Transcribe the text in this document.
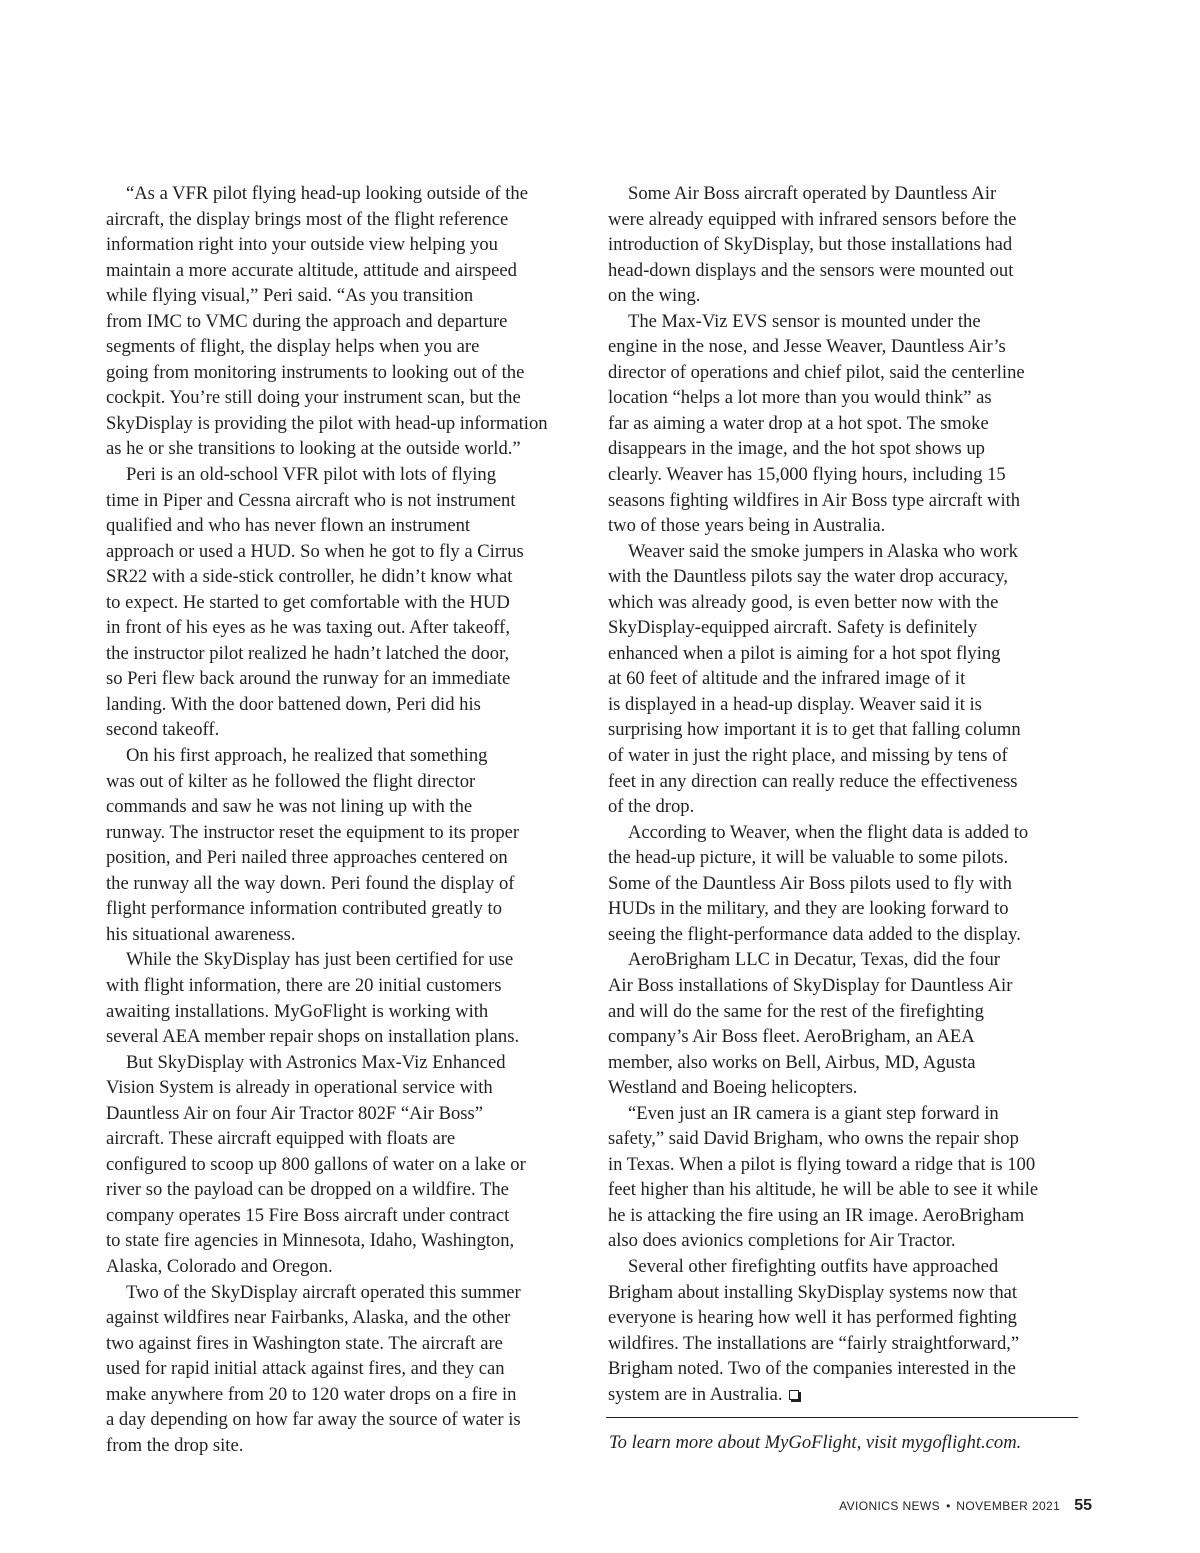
“As a VFR pilot flying head-up looking outside of the
aircraft, the display brings most of the flight reference
information right into your outside view helping you
maintain a more accurate altitude, attitude and airspeed
while flying visual,” Peri said. “As you transition
from IMC to VMC during the approach and departure
segments of flight, the display helps when you are
going from monitoring instruments to looking out of the
cockpit. You’re still doing your instrument scan, but the
SkyDisplay is providing the pilot with head-up information
as he or she transitions to looking at the outside world.”

Peri is an old-school VFR pilot with lots of flying
time in Piper and Cessna aircraft who is not instrument
qualified and who has never flown an instrument
approach or used a HUD. So when he got to fly a Cirrus
SR22 with a side-stick controller, he didn’t know what
to expect. He started to get comfortable with the HUD
in front of his eyes as he was taxing out. After takeoff,
the instructor pilot realized he hadn’t latched the door,
so Peri flew back around the runway for an immediate
landing. With the door battened down, Peri did his
second takeoff.

On his first approach, he realized that something
was out of kilter as he followed the flight director
commands and saw he was not lining up with the
runway. The instructor reset the equipment to its proper
position, and Peri nailed three approaches centered on
the runway all the way down. Peri found the display of
flight performance information contributed greatly to
his situational awareness.

While the SkyDisplay has just been certified for use
with flight information, there are 20 initial customers
awaiting installations. MyGoFlight is working with
several AEA member repair shops on installation plans.

But SkyDisplay with Astronics Max-Viz Enhanced
Vision System is already in operational service with
Dauntless Air on four Air Tractor 802F “Air Boss”
aircraft. These aircraft equipped with floats are
configured to scoop up 800 gallons of water on a lake or
river so the payload can be dropped on a wildfire. The
company operates 15 Fire Boss aircraft under contract
to state fire agencies in Minnesota, Idaho, Washington,
Alaska, Colorado and Oregon.

Two of the SkyDisplay aircraft operated this summer
against wildfires near Fairbanks, Alaska, and the other
two against fires in Washington state. The aircraft are
used for rapid initial attack against fires, and they can
make anywhere from 20 to 120 water drops on a fire in
a day depending on how far away the source of water is
from the drop site.

Some Air Boss aircraft operated by Dauntless Air
were already equipped with infrared sensors before the
introduction of SkyDisplay, but those installations had
head-down displays and the sensors were mounted out
on the wing.

The Max-Viz EVS sensor is mounted under the
engine in the nose, and Jesse Weaver, Dauntless Air’s
director of operations and chief pilot, said the centerline
location “helps a lot more than you would think” as
far as aiming a water drop at a hot spot. The smoke
disappears in the image, and the hot spot shows up
clearly. Weaver has 15,000 flying hours, including 15
seasons fighting wildfires in Air Boss type aircraft with
two of those years being in Australia.

Weaver said the smoke jumpers in Alaska who work
with the Dauntless pilots say the water drop accuracy,
which was already good, is even better now with the
SkyDisplay-equipped aircraft. Safety is definitely
enhanced when a pilot is aiming for a hot spot flying
at 60 feet of altitude and the infrared image of it
is displayed in a head-up display. Weaver said it is
surprising how important it is to get that falling column
of water in just the right place, and missing by tens of
feet in any direction can really reduce the effectiveness
of the drop.

According to Weaver, when the flight data is added to
the head-up picture, it will be valuable to some pilots.
Some of the Dauntless Air Boss pilots used to fly with
HUDs in the military, and they are looking forward to
seeing the flight-performance data added to the display.

AeroBrigham LLC in Decatur, Texas, did the four
Air Boss installations of SkyDisplay for Dauntless Air
and will do the same for the rest of the firefighting
company’s Air Boss fleet. AeroBrigham, an AEA
member, also works on Bell, Airbus, MD, Agusta
Westland and Boeing helicopters.

“Even just an IR camera is a giant step forward in
safety,” said David Brigham, who owns the repair shop
in Texas. When a pilot is flying toward a ridge that is 100
feet higher than his altitude, he will be able to see it while
he is attacking the fire using an IR image. AeroBrigham
also does avionics completions for Air Tractor.

Several other firefighting outfits have approached
Brigham about installing SkyDisplay systems now that
everyone is hearing how well it has performed fighting
wildfires. The installations are “fairly straightforward,”
Brigham noted. Two of the companies interested in the
system are in Australia.

To learn more about MyGoFlight, visit mygoflight.com.
AVIONICS NEWS • NOVEMBER 2021 55
